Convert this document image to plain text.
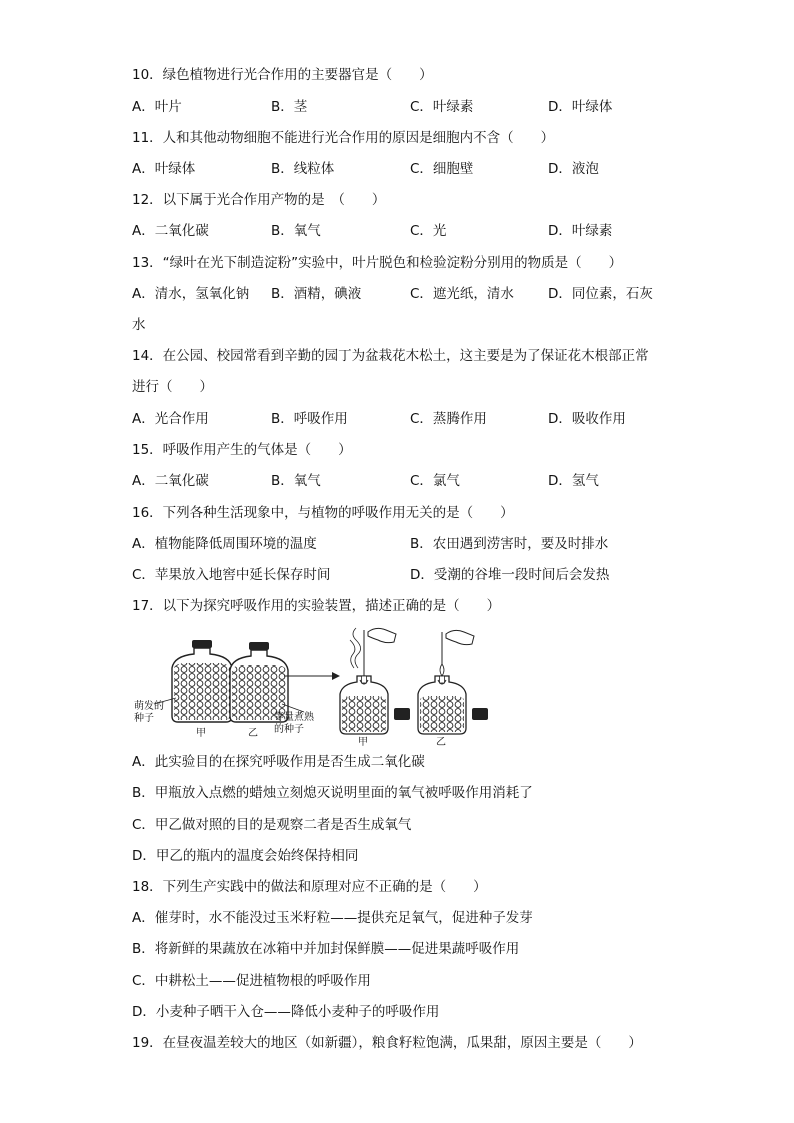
10．绿色植物进行光合作用的主要器官是（　　）
A．叶片	B．茎	C．叶绿素	D．叶绿体
11．人和其他动物细胞不能进行光合作用的原因是细胞内不含（　　）
A．叶绿体	B．线粒体	C．细胞壁	D．液泡
12．以下属于光合作用产物的是　（　　）
A．二氧化碳	B．氧气	C．光	D．叶绿素
13．“绿叶在光下制造淀粉”实验中，叶片脱色和检验淀粉分别用的物质是（　　）
A．清水，氢氧化钠 B．酒精，碘液	C．遮光纸，清水	D．同位素，石灰
水
14．在公园、校园常看到辛勤的园丁为盆栽花木松土，这主要是为了保证花木根部正常
进行（　　）
A．光合作用	B．呼吸作用	C．蒸腾作用	D．吸收作用
15．呼吸作用产生的气体是（　　）
A．二氧化碳	B．氧气	C．氯气	D．氢气
16．下列各种生活现象中，与植物的呼吸作用无关的是（　　）
A．植物能降低周围环境的温度	B．农田遇到涝害时，要及时排水
C．苹果放入地窖中延长保存时间	D．受潮的谷堆一段时间后会发热
17．以下为探究呼吸作用的实验装置，描述正确的是（　　）
萌发的
种子
甲	乙
等量煮熟
的种子
甲	乙
A．此实验目的在探究呼吸作用是否生成二氧化碳
B．甲瓶放入点燃的蜡烛立刻熄灭说明里面的氧气被呼吸作用消耗了
C．甲乙做对照的目的是观察二者是否生成氧气
D．甲乙的瓶内的温度会始终保持相同
18．下列生产实践中的做法和原理对应不正确的是（　　）
A．催芽时，水不能没过玉米籽粒——提供充足氧气，促进种子发芽
B．将新鲜的果蔬放在冰箱中并加封保鲜膜——促进果蔬呼吸作用
C．中耕松土——促进植物根的呼吸作用
D．小麦种子晒干入仓——降低小麦种子的呼吸作用
19．在昼夜温差较大的地区（如新疆），粮食籽粒饱满，瓜果甜，原因主要是（　　）
